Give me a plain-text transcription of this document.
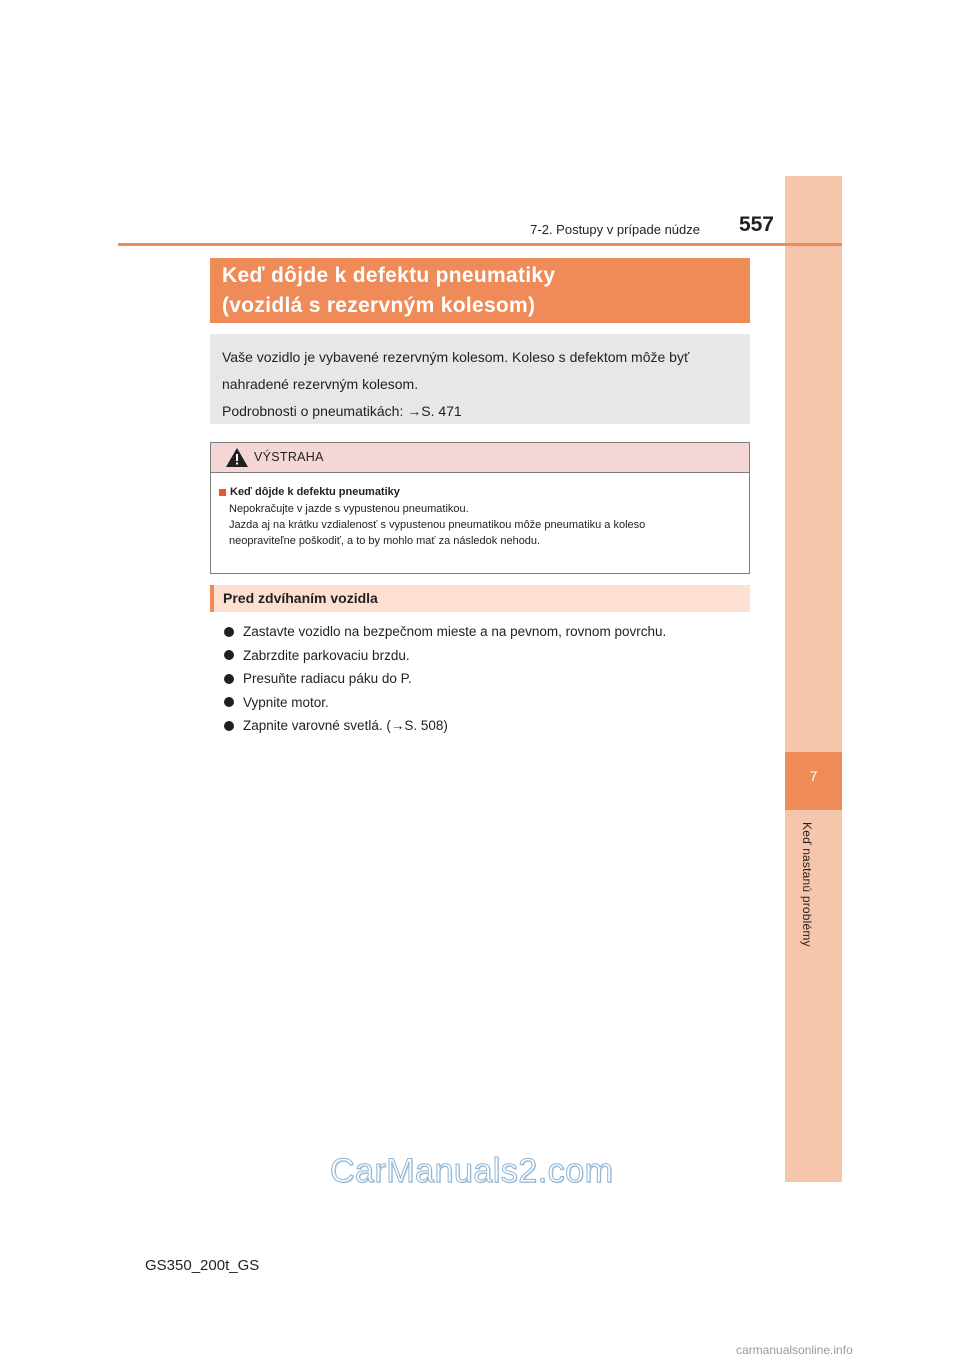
7
Keď nastanú problémy
7-2. Postupy v prípade núdze	557
Keď dôjde k defektu pneumatiky
(vozidlá s rezervným kolesom)
Vaše vozidlo je vybavené rezervným kolesom. Koleso s defektom môže byť
nahradené rezervným kolesom.
Podrobnosti o pneumatikách: →S. 471
VÝSTRAHA
Keď dôjde k defektu pneumatiky
Nepokračujte v jazde s vypustenou pneumatikou.
Jazda aj na krátku vzdialenosť s vypustenou pneumatikou môže pneumatiku a koleso
neopraviteľne poškodiť, a to by mohlo mať za následok nehodu.
Pred zdvíhaním vozidla
Zastavte vozidlo na bezpečnom mieste a na pevnom, rovnom povrchu.
Zabrzdite parkovaciu brzdu.
Presuňte radiacu páku do P.
Vypnite motor.
Zapnite varovné svetlá. (→S. 508)
CarManuals2.com
GS350_200t_GS
carmanualsonline.info
